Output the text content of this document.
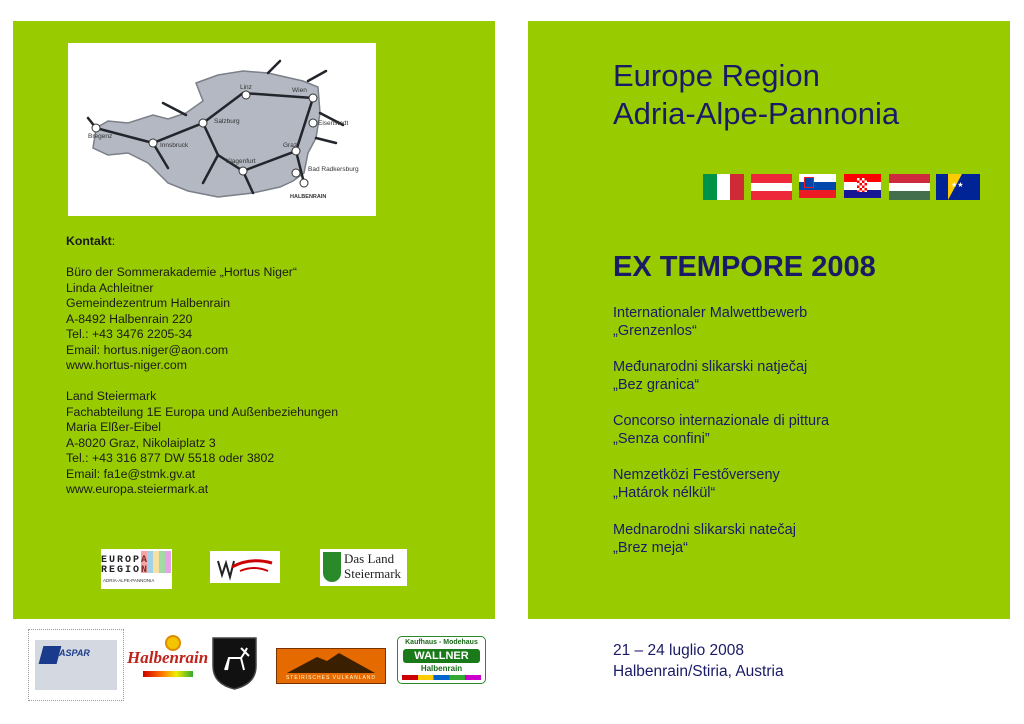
Linz	Wien
Salzburg	Eisenstadt
Bregenz
Innsbruck	Graz
Klagenfurt
Bad Radkersburg
HALBENRAIN

Kontakt:

Büro der Sommerakademie „Hortus Niger“

Linda Achleitner

Gemeindezentrum Halbenrain

A-8492 Halbenrain 220

Tel.: +43 3476 2205-34

Email: hortus.niger@aon.com

www.hortus-niger.com

Land Steiermark

Fachabteilung 1E Europa und Außenbeziehungen

Maria Elßer-Eibel

A-8020 Graz, Nikolaiplatz 3

Tel.: +43 316 877 DW 5518 oder 3802

Email: fa1e@stmk.gv.at

www.europa.steiermark.at

EUROPA
REGION
ADRIA-ALPE-PANNONIA
Das Land
Steiermark
Europe Region
Adria-Alpe-Pannonia
★★
EX TEMPORE 2008

Internationaler Malwettbewerb

„Grenzenlos“

Međunarodni slikarski natječaj

„Bez granica“

Concorso internazionale di pittura

„Senza confini”

Nemzetközi Festőverseny

„Határok nélkül“

Mednarodni slikarski natečaj

„Brez meja“

21 – 24 luglio 2008
Halbenrain/Stiria, Austria
ASPAR Halbenrain
STEIRISCHES VULKANLAND
Kaufhaus - Modehaus
WALLNER
Halbenrain
